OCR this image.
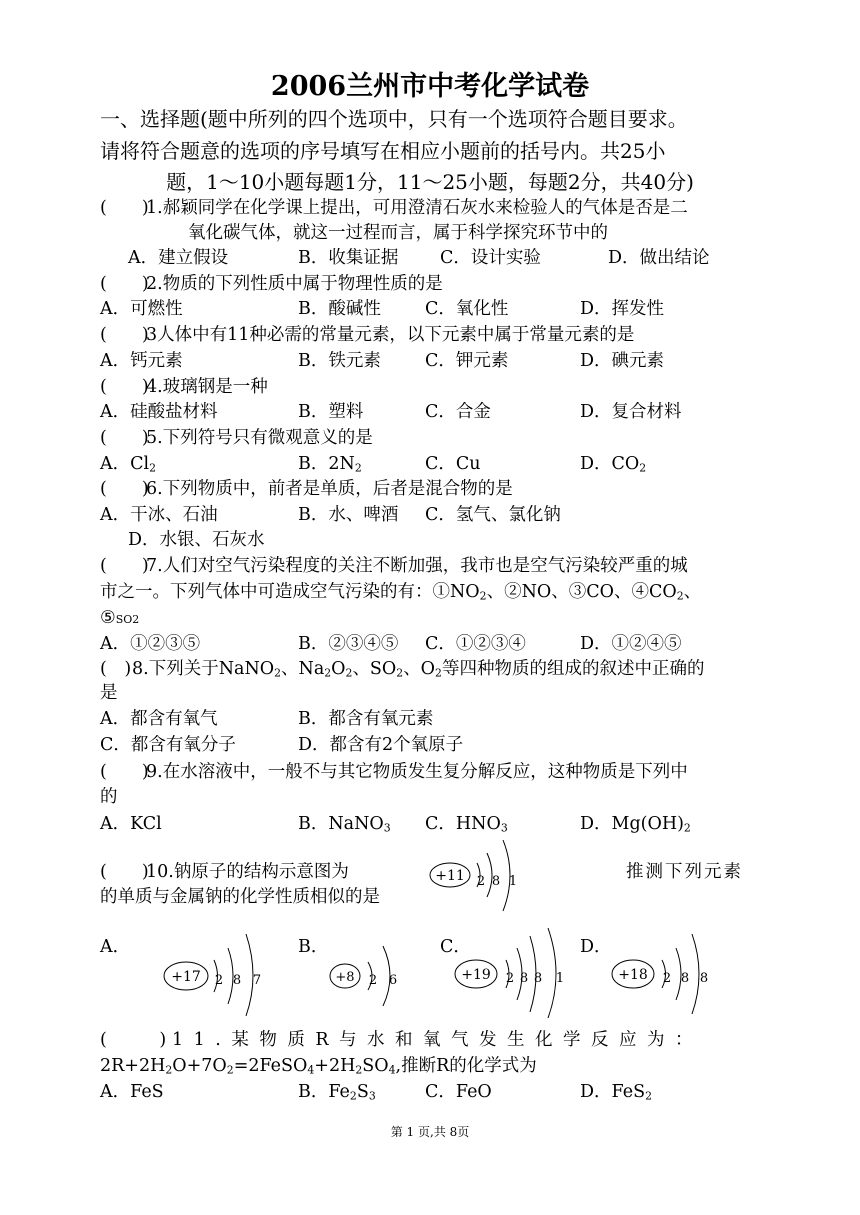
2006兰州市中考化学试卷
一、选择题(题中所列的四个选项中，只有一个选项符合题目要求。
请将符合题意的选项的序号填写在相应小题前的括号内。共25小
题，1～10小题每题1分，11～25小题，每题2分，共40分)
(　　)
1.郝颖同学在化学课上提出，可用澄清石灰水来检验人的气体是否是二
氧化碳气体，就这一过程而言，属于科学探究环节中的
A．建立假设	B．收集证据 C．设计实验	D．做出结论
(　　)
2.物质的下列性质中属于物理性质的是
A．可燃性	B．酸碱性	C．氧化性	D．挥发性
(　　)
3人体中有11种必需的常量元素，以下元素中属于常量元素的是
A．钙元素	B．铁元素	C．钾元素	D．碘元素
(　　)
4.玻璃钢是一种
A．硅酸盐材料	B．塑料	C．合金	D．复合材料
(　　)
5.下列符号只有微观意义的是
A．$Cl_2$	B．$2N_2$	C．Cu	D．$CO_2$
(　　)
6.下列物质中，前者是单质，后者是混合物的是
A．干冰、石油	B．水、啤酒 C．氢气、氯化钠
D．水银、石灰水
(　　)
7.人们对空气污染程度的关注不断加强，我市也是空气污染较严重的城
市之一。下列气体中可造成空气污染的有：$①NO_2$、②NO、③CO、$④CO_2$、
⑤SO2
A．①②③⑤	B．②③④⑤ C．①②③④	D．①②④⑤
(　) 8.下列关于NaNO$_2$、$Na_2O_2$、$SO_2$、$O_2$等四种物质的组成的叙述中正确的
是
A．都含有氧气	B．都含有氧元素
C．都含有氧分子	D．都含有2个氧原子
(　　)
9.在水溶液中，一般不与其它物质发生复分解反应，这种物质是下列中
的
A．KCl	B．NaNO$_3$ C．$HNO_3$	D．$Mg(OH)_2$
(　　)
10.钠原子的结构示意图为	推测下列元素
的单质与金属钠的化学性质相似的是
+11 2 8 1
A．	B．	C．	D．
+17 2 8 7	+8 2 6	+19 2 8 8 1	+18 2 8 8
(　　　) 11.某物质R与水和氧气发生化学反应为：
$2R+2H_2O+7O_2=2FeSO_4+2H_2SO_4$,推断R的化学式为
A．FeS	B．$Fe_2S_3$	C．FeO	D．FeS$_2$
第 1 页,共 8页
